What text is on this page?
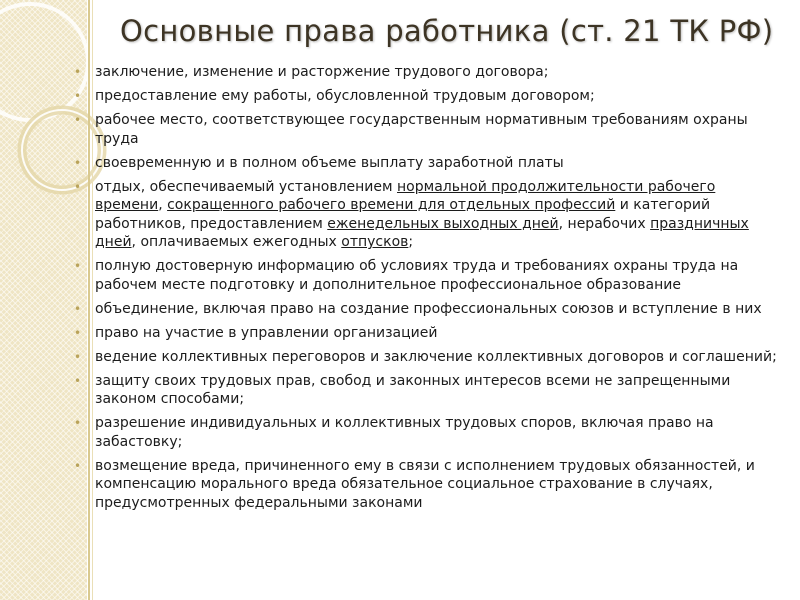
Основные права работника (ст. 21 ТК РФ)
• заключение, изменение и расторжение трудового договора;
• предоставление ему работы, обусловленной трудовым договором;
• рабочее место, соответствующее государственным нормативным требованиям охраны труда
• своевременную и в полном объеме выплату заработной платы
• отдых, обеспечиваемый установлением нормальной продолжительности рабочего времени, сокращенного рабочего времени для отдельных профессий и категорий работников, предоставлением еженедельных выходных дней, нерабочих праздничных дней, оплачиваемых ежегодных отпусков;
• полную достоверную информацию об условиях труда и требованиях охраны труда на рабочем месте подготовку и дополнительное профессиональное образование
• объединение, включая право на создание профессиональных союзов и вступление в них
• право на участие в управлении организацией
• ведение коллективных переговоров и заключение коллективных договоров и соглашений;
• защиту своих трудовых прав, свобод и законных интересов всеми не запрещенными законом способами;
• разрешение индивидуальных и коллективных трудовых споров, включая право на забастовку;
• возмещение вреда, причиненного ему в связи с исполнением трудовых обязанностей, и компенсацию морального вреда обязательное социальное страхование в случаях, предусмотренных федеральными законами
